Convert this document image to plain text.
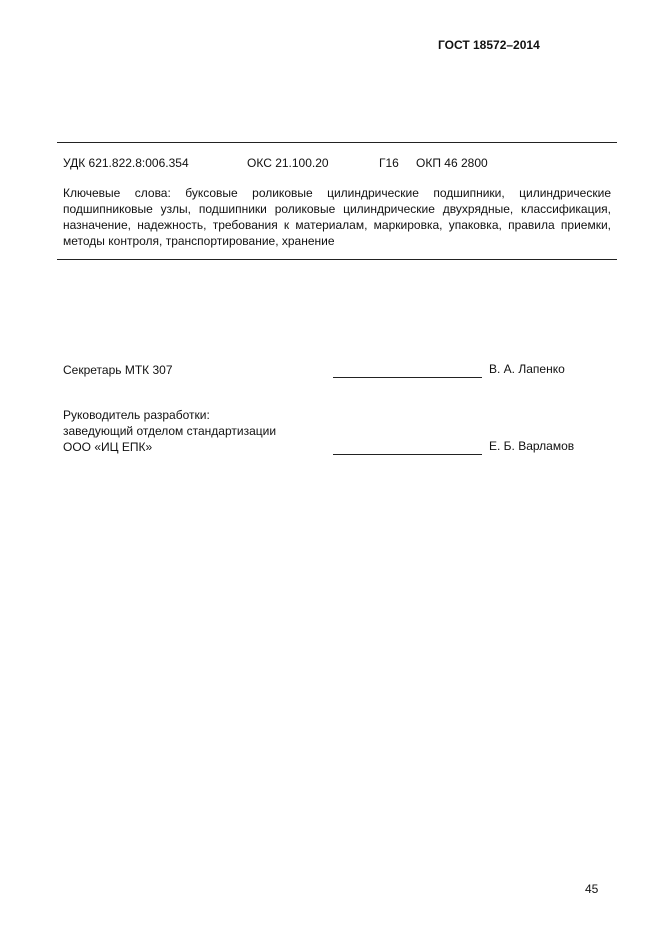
ГОСТ 18572–2014
УДК 621.822.8:006.354	ОКС 21.100.20	Г16 ОКП 46 2800
Ключевые слова: буксовые роликовые цилиндрические подшипники, цилиндрические подшипниковые узлы, подшипники роликовые цилиндрические двухрядные, классификация, назначение, надежность, требования к материалам, маркировка, упаковка, правила приемки, методы контроля, транспортирование, хранение
Секретарь МТК 307	В. А. Лапенко
Руководитель разработки:
заведующий отделом стандартизации
ООО «ИЦ ЕПК»	Е. Б. Варламов
45
